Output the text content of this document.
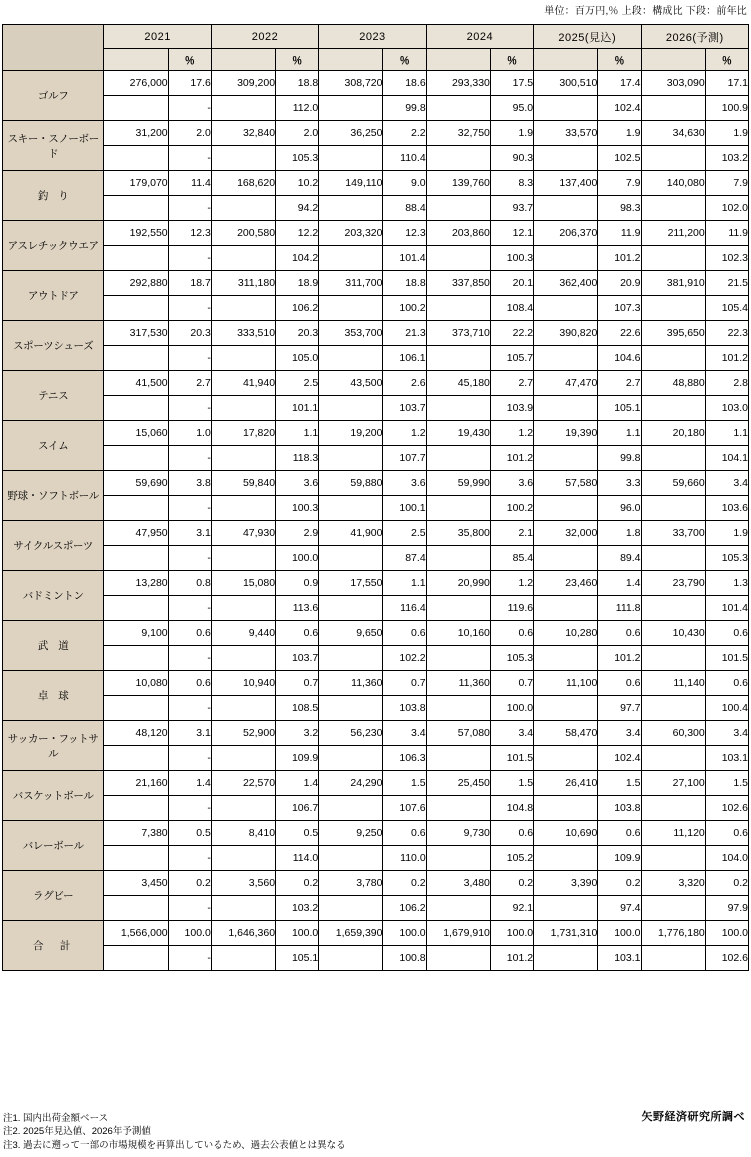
単位：百万円,％ 上段：構成比 下段：前年比
	2021		2022		2023		2024		2025(見込)		2026(予測)	
		％		％		％		％		％		％
ゴルフ	276,000	17.6	309,200	18.8	308,720	18.6	293,330	17.5	300,510	17.4	303,090	17.1
		-		112.0		99.8		95.0		102.4		100.9
スキー・スノーボード	31,200	2.0	32,840	2.0	36,250	2.2	32,750	1.9	33,570	1.9	34,630	1.9
		-		105.3		110.4		90.3		102.5		103.2
釣　り	179,070	11.4	168,620	10.2	149,110	9.0	139,760	8.3	137,400	7.9	140,080	7.9
		-		94.2		88.4		93.7		98.3		102.0
アスレチックウエア	192,550	12.3	200,580	12.2	203,320	12.3	203,860	12.1	206,370	11.9	211,200	11.9
		-		104.2		101.4		100.3		101.2		102.3
アウトドア	292,880	18.7	311,180	18.9	311,700	18.8	337,850	20.1	362,400	20.9	381,910	21.5
		-		106.2		100.2		108.4		107.3		105.4
スポーツシューズ	317,530	20.3	333,510	20.3	353,700	21.3	373,710	22.2	390,820	22.6	395,650	22.3
		-		105.0		106.1		105.7		104.6		101.2
テニス	41,500	2.7	41,940	2.5	43,500	2.6	45,180	2.7	47,470	2.7	48,880	2.8
		-		101.1		103.7		103.9		105.1		103.0
スイム	15,060	1.0	17,820	1.1	19,200	1.2	19,430	1.2	19,390	1.1	20,180	1.1
		-		118.3		107.7		101.2		99.8		104.1
野球・ソフトボール	59,690	3.8	59,840	3.6	59,880	3.6	59,990	3.6	57,580	3.3	59,660	3.4
		-		100.3		100.1		100.2		96.0		103.6
サイクルスポーツ	47,950	3.1	47,930	2.9	41,900	2.5	35,800	2.1	32,000	1.8	33,700	1.9
		-		100.0		87.4		85.4		89.4		105.3
バドミントン	13,280	0.8	15,080	0.9	17,550	1.1	20,990	1.2	23,460	1.4	23,790	1.3
		-		113.6		116.4		119.6		111.8		101.4
武　道	9,100	0.6	9,440	0.6	9,650	0.6	10,160	0.6	10,280	0.6	10,430	0.6
		-		103.7		102.2		105.3		101.2		101.5
卓　球	10,080	0.6	10,940	0.7	11,360	0.7	11,360	0.7	11,100	0.6	11,140	0.6
		-		108.5		103.8		100.0		97.7		100.4
サッカー・フットサル	48,120	3.1	52,900	3.2	56,230	3.4	57,080	3.4	58,470	3.4	60,300	3.4
		-		109.9		106.3		101.5		102.4		103.1
バスケットボール	21,160	1.4	22,570	1.4	24,290	1.5	25,450	1.5	26,410	1.5	27,100	1.5
		-		106.7		107.6		104.8		103.8		102.6
バレーボール	7,380	0.5	8,410	0.5	9,250	0.6	9,730	0.6	10,690	0.6	11,120	0.6
		-		114.0		110.0		105.2		109.9		104.0
ラグビー	3,450	0.2	3,560	0.2	3,780	0.2	3,480	0.2	3,390	0.2	3,320	0.2
		-		103.2		106.2		92.1		97.4		97.9
合　計	1,566,000	100.0	1,646,360	100.0	1,659,390	100.0	1,679,910	100.0	1,731,310	100.0	1,776,180	100.0
		-		105.1		100.8		101.2		103.1		102.6
矢野経済研究所調べ
注1. 国内出荷金額ベース
注2. 2025年見込値、2026年予測値
注3. 過去に遡って一部の市場規模を再算出しているため、過去公表値とは異なる
